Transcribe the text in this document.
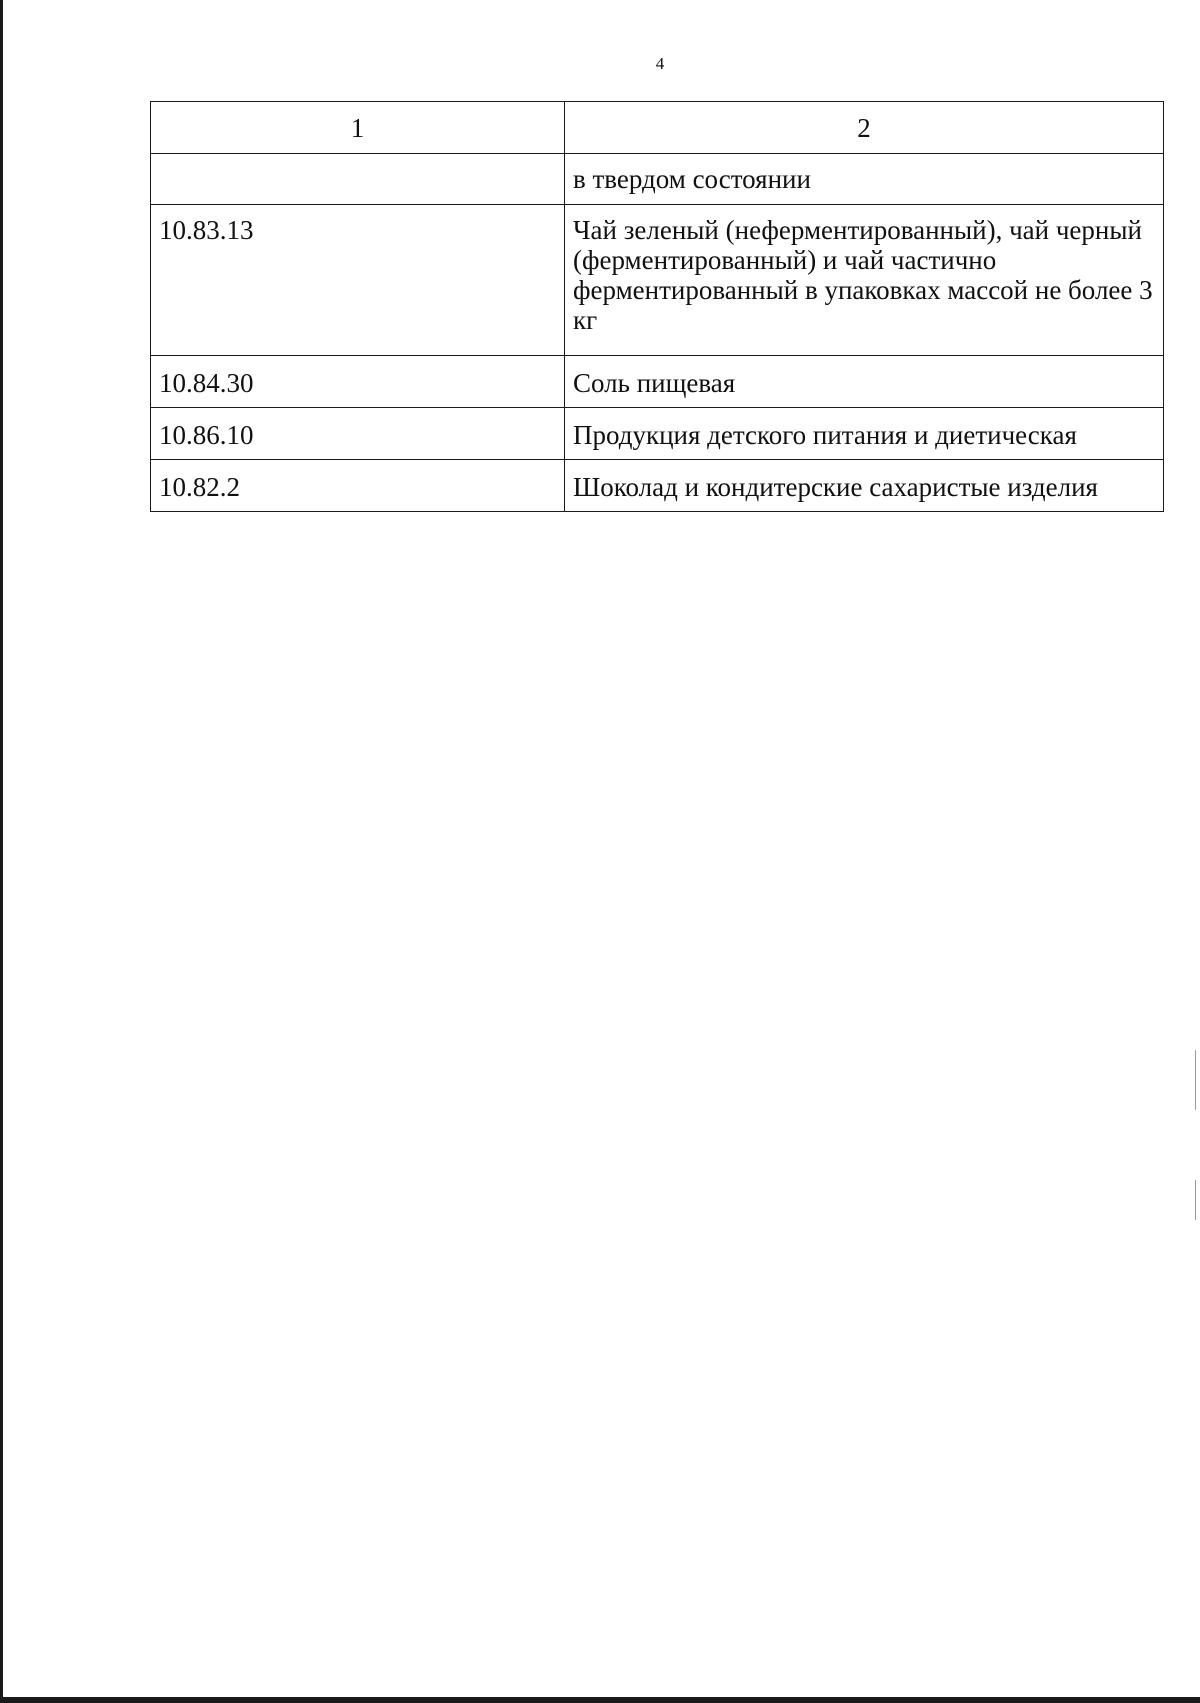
4
1	2
	в твердом состоянии
10.83.13	Чай зеленый (неферментированный), чай черный (ферментированный) и чай частично ферментированный в упаковках массой не более 3 кг
10.84.30	Соль пищевая
10.86.10	Продукция детского питания и диетическая
10.82.2	Шоколад и кондитерские сахаристые изделия
